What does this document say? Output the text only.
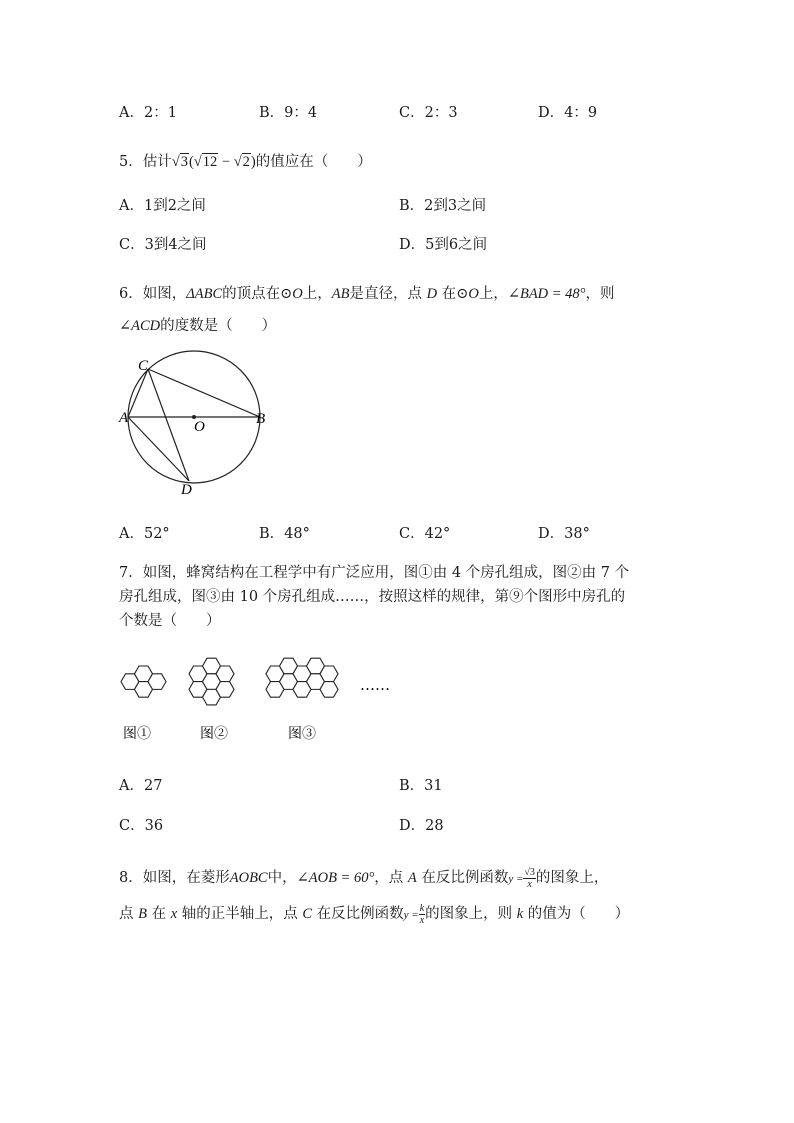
A．2：1	B．9：4	C．2：3	D．4：9
5．估计√3(√12 − √2)的值应在（　　）
A．1到2之间	B．2到3之间
C．3到4之间	D．5到6之间
6．如图，ΔABC的顶点在⊙O上，AB是直径，点 D 在⊙O上，∠BAD = 48°，则
∠ACD的度数是（　　）
C
A
O	B
D
A．52°	B．48°	C．42°	D．38°
7．如图，蜂窝结构在工程学中有广泛应用，图①由 4 个房孔组成，图②由 7 个
房孔组成，图③由 10 个房孔组成……，按照这样的规律，第⑨个图形中房孔的
个数是（　　）
……
图①	图②	图③
A．27	B．31
C．36	D．28
8．如图，在菱形AOBC中，∠AOB = 60°，点 A 在反比例函数$y = \frac{√3}{x}$ 的图象上，
点 B 在 x 轴的正半轴上，点 C 在反比例函数$y = \frac{k}{x}$ 的图象上，则 k 的值为（　　）
